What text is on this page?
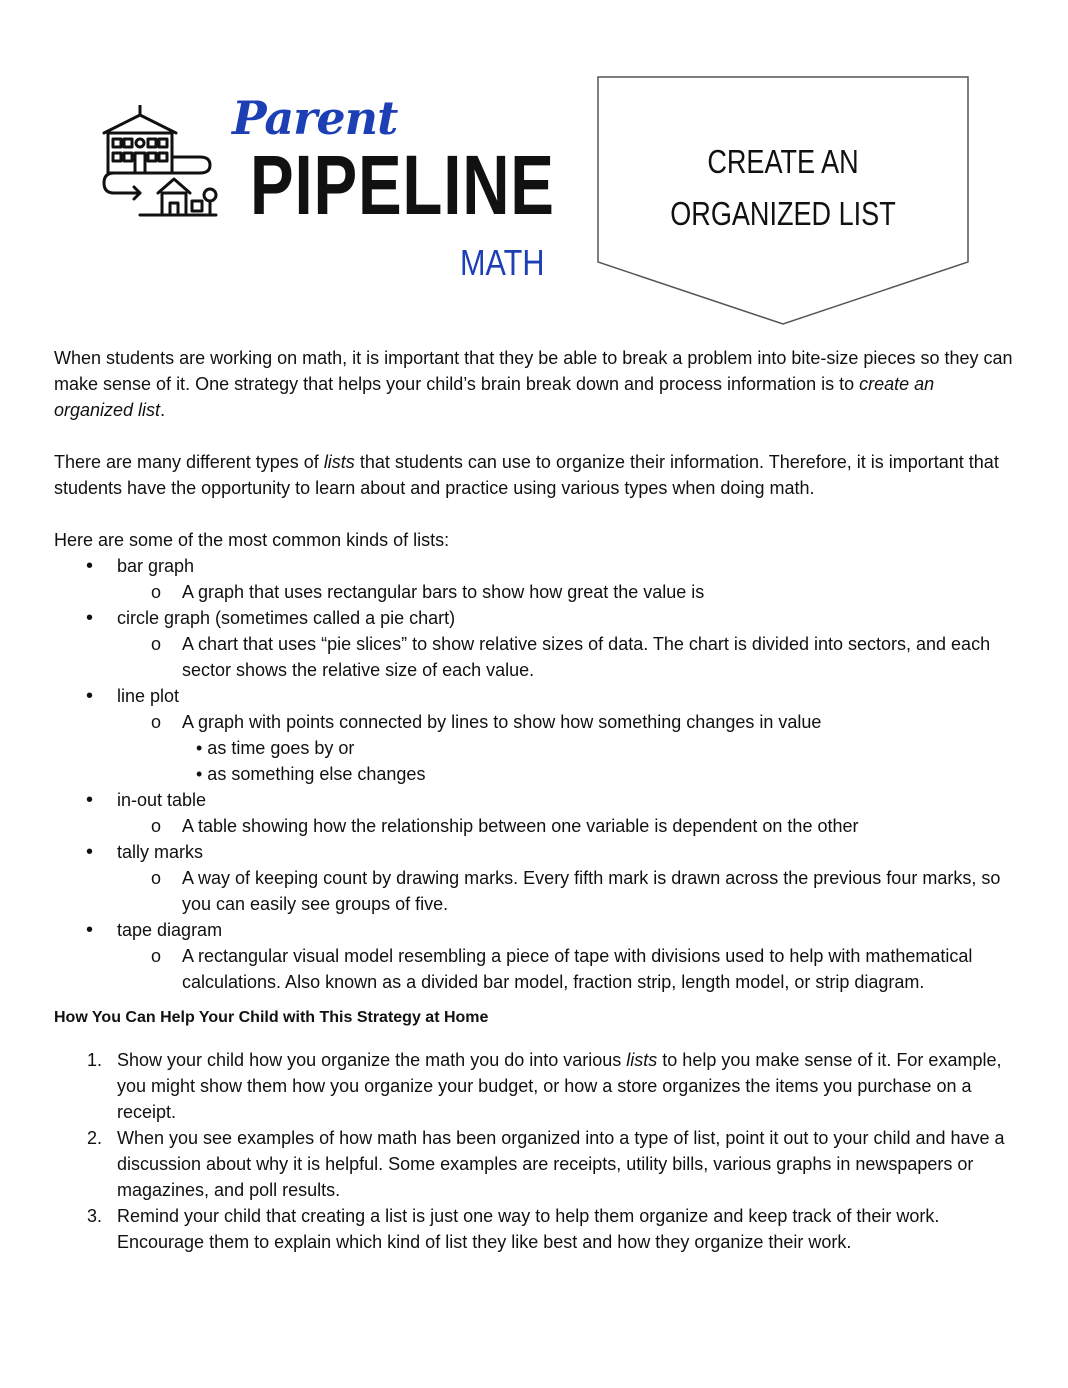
Parent
PIPELINE
MATH
CREATE AN
ORGANIZED LIST

When students are working on math, it is important that they be able to break a problem into bite-size pieces so they can make sense of it. One strategy that helps your child’s brain break down and process information is to create an organized list.

There are many different types of lists that students can use to organize their information. Therefore, it is important that students have the opportunity to learn about and practice using various types when doing math.

Here are some of the most common kinds of lists:

• bar graph
o A graph that uses rectangular bars to show how great the value is
• circle graph (sometimes called a pie chart)
o A chart that uses “pie slices” to show relative sizes of data. The chart is divided into sectors, and each sector shows the relative size of each value.
• line plot
o A graph with points connected by lines to show how something changes in value
• as time goes by or
• as something else changes
• in-out table
o A table showing how the relationship between one variable is dependent on the other
• tally marks
o A way of keeping count by drawing marks. Every fifth mark is drawn across the previous four marks, so you can easily see groups of five.
• tape diagram
o A rectangular visual model resembling a piece of tape with divisions used to help with mathematical calculations. Also known as a divided bar model, fraction strip, length model, or strip diagram.
How You Can Help Your Child with This Strategy at Home
1. Show your child how you organize the math you do into various lists to help you make sense of it. For example, you might show them how you organize your budget, or how a store organizes the items you purchase on a receipt.
2. When you see examples of how math has been organized into a type of list, point it out to your child and have a discussion about why it is helpful. Some examples are receipts, utility bills, various graphs in newspapers or magazines, and poll results.
3. Remind your child that creating a list is just one way to help them organize and keep track of their work. Encourage them to explain which kind of list they like best and how they organize their work.
